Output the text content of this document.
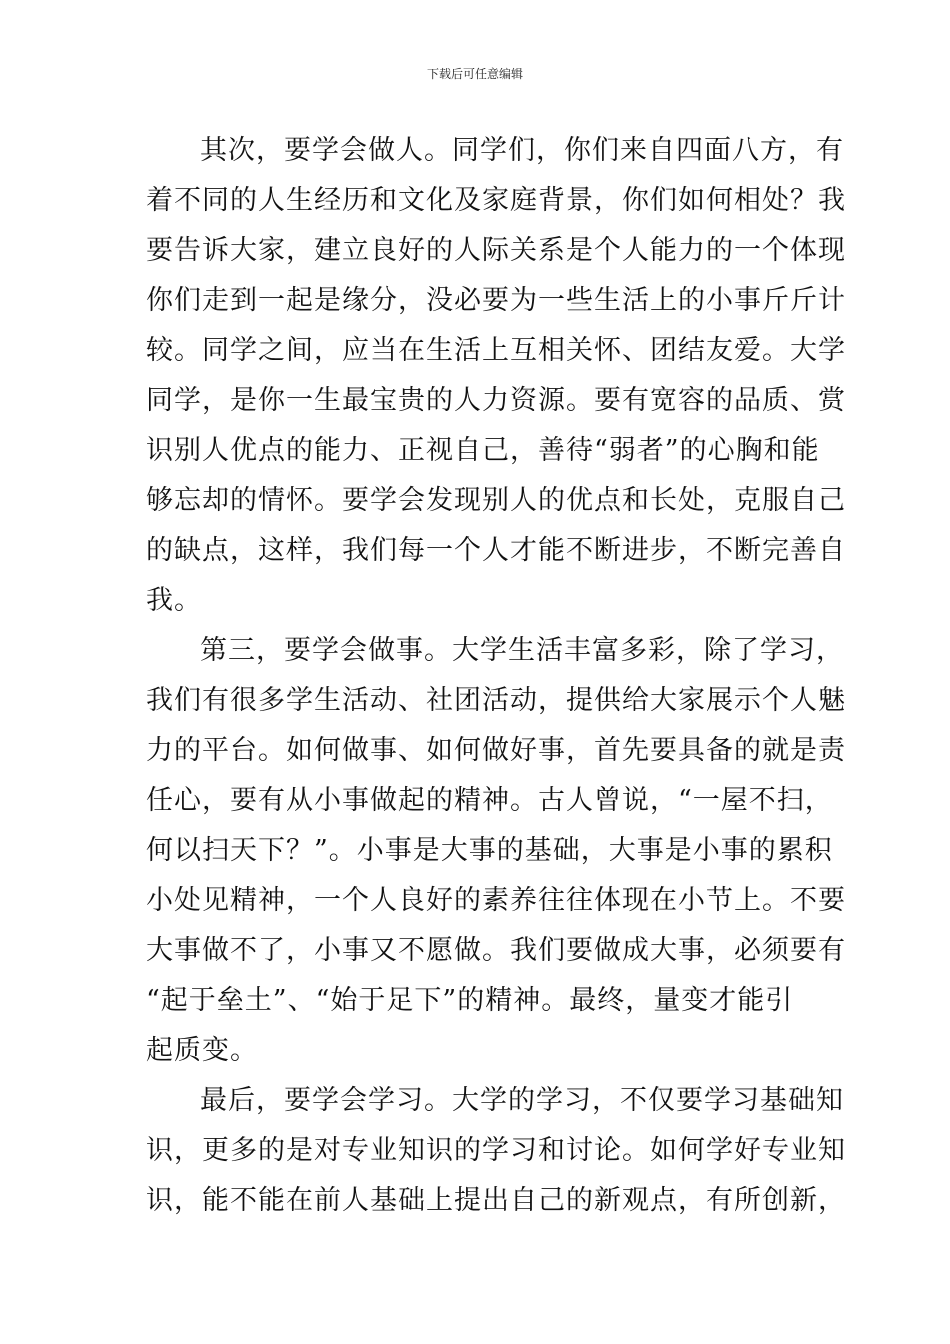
下载后可任意编辑
其次，要学会做人。同学们，你们来自四面八方，有
着不同的人生经历和文化及家庭背景，你们如何相处？我
要告诉大家，建立良好的人际关系是个人能力的一个体现
你们走到一起是缘分，没必要为一些生活上的小事斤斤计
较。同学之间，应当在生活上互相关怀、团结友爱。大学
同学，是你一生最宝贵的人力资源。要有宽容的品质、赏
识别人优点的能力、正视自己，善待“弱者”的心胸和能
够忘却的情怀。要学会发现别人的优点和长处，克服自己
的缺点，这样，我们每一个人才能不断进步，不断完善自
我。
第三，要学会做事。大学生活丰富多彩，除了学习，
我们有很多学生活动、社团活动，提供给大家展示个人魅
力的平台。如何做事、如何做好事，首先要具备的就是责
任心，要有从小事做起的精神。古人曾说，“一屋不扫，
何以扫天下？”。小事是大事的基础，大事是小事的累积
小处见精神，一个人良好的素养往往体现在小节上。不要
大事做不了，小事又不愿做。我们要做成大事，必须要有
“起于垒土”、“始于足下”的精神。最终，量变才能引
起质变。
最后，要学会学习。大学的学习，不仅要学习基础知
识，更多的是对专业知识的学习和讨论。如何学好专业知
识，能不能在前人基础上提出自己的新观点，有所创新，
